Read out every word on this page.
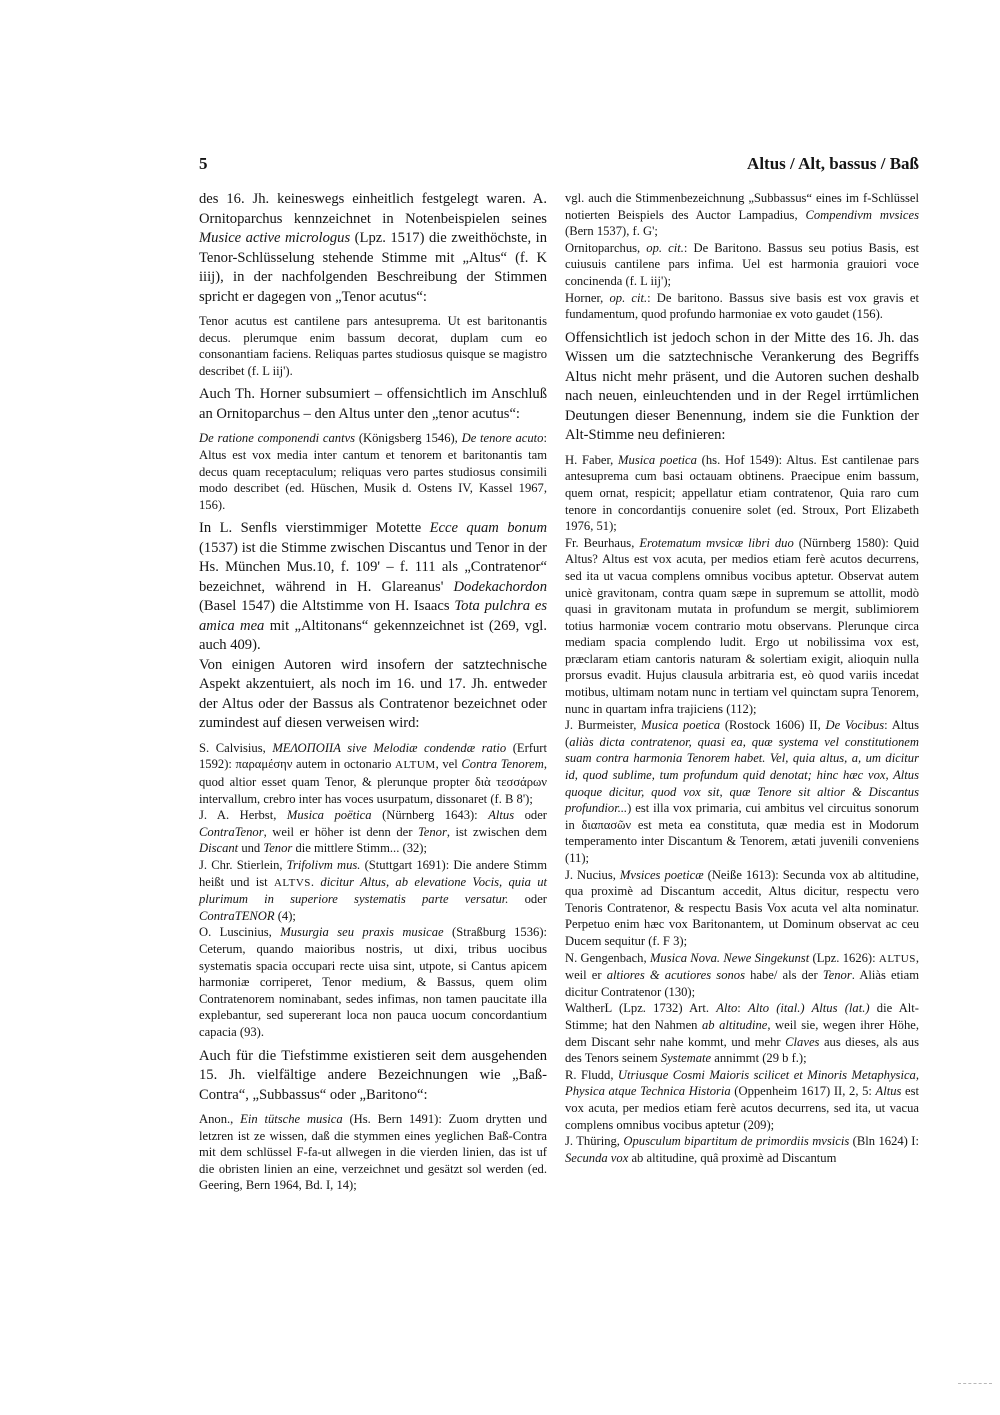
5	Altus / Alt, bassus / Baß

des 16. Jh. keineswegs einheitlich festgelegt waren. A. Ornitoparchus kennzeichnet in Notenbeispielen seines Musice active micrologus (Lpz. 1517) die zweithöchste, in Tenor-Schlüsselung stehende Stimme mit „Altus“ (f. K iiij), in der nachfolgenden Beschreibung der Stimmen spricht er dagegen von „Tenor acutus“:

Tenor acutus est cantilene pars antesuprema. Ut est baritonantis decus. plerumque enim bassum decorat, duplam cum eo consonantiam faciens. Reliquas partes studiosus quisque se magistro describet (f. L iij').

Auch Th. Horner subsumiert – offensichtlich im Anschluß an Ornitoparchus – den Altus unter den „tenor acutus“:

De ratione componendi cantvs (Königsberg 1546), De tenore acuto: Altus est vox media inter cantum et tenorem et baritonantis tam decus quam receptaculum; reliquas vero partes studiosus consimili modo describet (ed. Hüschen, Musik d. Ostens IV, Kassel 1967, 156).

In L. Senfls vierstimmiger Motette Ecce quam bonum (1537) ist die Stimme zwischen Discantus und Tenor in der Hs. München Mus.10, f. 109' – f. 111 als „Contratenor“ bezeichnet, während in H. Glareanus' Dodekachordon (Basel 1547) die Altstimme von H. Isaacs Tota pulchra es amica mea mit „Altitonans“ gekennzeichnet ist (269, vgl. auch 409).

Von einigen Autoren wird insofern der satztechnische Aspekt akzentuiert, als noch im 16. und 17. Jh. entweder der Altus oder der Bassus als Contratenor bezeichnet oder zumindest auf diesen verweisen wird:

S. Calvisius, ΜΕΛΟΠΟΙΙΑ sive Melodiæ condendæ ratio (Erfurt 1592): παραμέσην autem in octonario ALTUM, vel Contra Tenorem, quod altior esset quam Tenor, & plerunque propter διὰ τεσσάρων intervallum, crebro inter has voces usurpatum, dissonaret (f. B 8');

J. A. Herbst, Musica poëtica (Nürnberg 1643): Altus oder ContraTenor, weil er höher ist denn der Tenor, ist zwischen dem Discant und Tenor die mittlere Stimm... (32);

J. Chr. Stierlein, Trifolivm mus. (Stuttgart 1691): Die andere Stimm heißt und ist ALTVS. dicitur Altus, ab elevatione Vocis, quia ut plurimum in superiore systematis parte versatur. oder ContraTENOR (4);

O. Luscinius, Musurgia seu praxis musicae (Straßburg 1536): Ceterum, quando maioribus nostris, ut dixi, tribus uocibus systematis spacia occupari recte uisa sint, utpote, si Cantus apicem harmoniæ corriperet, Tenor medium, & Bassus, quem olim Contratenorem nominabant, sedes infimas, non tamen paucitate illa explebantur, sed supererant loca non pauca uocum concordantium capacia (93).

Auch für die Tiefstimme existieren seit dem ausgehenden 15. Jh. vielfältige andere Bezeichnungen wie „Baß-Contra“, „Subbassus“ oder „Baritono“:

Anon., Ein tütsche musica (Hs. Bern 1491): Zuom drytten und letzren ist ze wissen, daß die stymmen eines yeglichen Baß-Contra mit dem schlüssel F-fa-ut allwegen in die vierden linien, das ist uf die obristen linien an eine, verzeichnet und gesätzt sol werden (ed. Geering, Bern 1964, Bd. I, 14);

vgl. auch die Stimmenbezeichnung „Subbassus“ eines im f-Schlüssel notierten Beispiels des Auctor Lampadius, Compendivm mvsices (Bern 1537), f. G';

Ornitoparchus, op. cit.: De Baritono. Bassus seu potius Basis, est cuiusuis cantilene pars infima. Uel est harmonia grauiori voce concinenda (f. L iij');

Horner, op. cit.: De baritono. Bassus sive basis est vox gravis et fundamentum, quod profundo harmoniae ex voto gaudet (156).

Offensichtlich ist jedoch schon in der Mitte des 16. Jh. das Wissen um die satztechnische Verankerung des Begriffs Altus nicht mehr präsent, und die Autoren suchen deshalb nach neuen, einleuchtenden und in der Regel irrtümlichen Deutungen dieser Benennung, indem sie die Funktion der Alt-Stimme neu definieren:

H. Faber, Musica poetica (hs. Hof 1549): Altus. Est cantilenae pars antesuprema cum basi octauam obtinens. Praecipue enim bassum, quem ornat, respicit; appellatur etiam contratenor, Quia raro cum tenore in concordantijs conuenire solet (ed. Stroux, Port Elizabeth 1976, 51);

Fr. Beurhaus, Erotematum mvsicæ libri duo (Nürnberg 1580): Quid Altus? Altus est vox acuta, per medios etiam ferè acutos decurrens, sed ita ut vacua complens omnibus vocibus aptetur. Observat autem unicè gravitonam, contra quam sæpe in supremum se attollit, modò quasi in gravitonam mutata in profundum se mergit, sublimiorem totius harmoniæ vocem contrario motu observans. Plerunque circa mediam spacia complendo ludit. Ergo ut nobilissima vox est, præclaram etiam cantoris naturam & solertiam exigit, alioquin nulla prorsus evadit. Hujus clausula arbitraria est, eò quod variis incedat motibus, ultimam notam nunc in tertiam vel quinctam supra Tenorem, nunc in quartam infra trajiciens (112);

J. Burmeister, Musica poetica (Rostock 1606) II, De Vocibus: Altus (aliàs dicta contratenor, quasi ea, quæ systema vel constitutionem suam contra harmonia Tenorem habet. Vel, quia altus, a, um dicitur id, quod sublime, tum profundum quid denotat; hinc hæc vox, Altus quoque dicitur, quod vox sit, quæ Tenore sit altior & Discantus profundior...) est illa vox primaria, cui ambitus vel circuitus sonorum in διαπασῶν est meta ea constituta, quæ media est in Modorum temperamento inter Discantum & Tenorem, ætati juvenili conveniens (11);

J. Nucius, Mvsices poeticæ (Neiße 1613): Secunda vox ab altitudine, qua proximè ad Discantum accedit, Altus dicitur, respectu vero Tenoris Contratenor, & respectu Basis Vox acuta vel alta nominatur. Perpetuo enim hæc vox Baritonantem, ut Dominum observat ac ceu Ducem sequitur (f. F 3);

N. Gengenbach, Musica Nova. Newe Singekunst (Lpz. 1626): ALTUS, weil er altiores & acutiores sonos habe/ als der Tenor. Aliàs etiam dicitur Contratenor (130);

WaltherL (Lpz. 1732) Art. Alto: Alto (ital.) Altus (lat.) die Alt-Stimme; hat den Nahmen ab altitudine, weil sie, wegen ihrer Höhe, dem Discant sehr nahe kommt, und mehr Claves aus dieses, als aus des Tenors seinem Systemate annimmt (29 b f.);

R. Fludd, Utriusque Cosmi Maioris scilicet et Minoris Metaphysica, Physica atque Technica Historia (Oppenheim 1617) II, 2, 5: Altus est vox acuta, per medios etiam ferè acutos decurrens, sed ita, ut vacua complens omnibus vocibus aptetur (209);

J. Thüring, Opusculum bipartitum de primordiis mvsicis (Bln 1624) I: Secunda vox ab altitudine, quâ proximè ad Discantum
